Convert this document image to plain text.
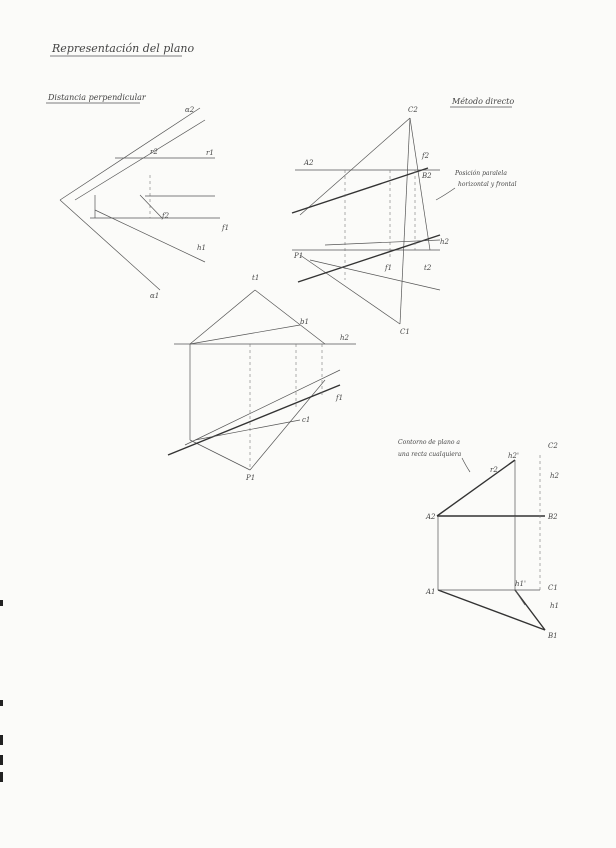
Representación del plano
Distancia perpendicular	Método directo
α2
r2	r1
f2
f1
h1
α1
C2
A2
B2
f2
h2
f1
P1
C1
t2
Posición paralela
horizontal y frontal
t1
b1
h2
c1
P1
f1
Contorno de plano a
una recta cualquiera
C2
r2
h2'
h2
A2	B2
A1
h1'	C1
h1
B1
